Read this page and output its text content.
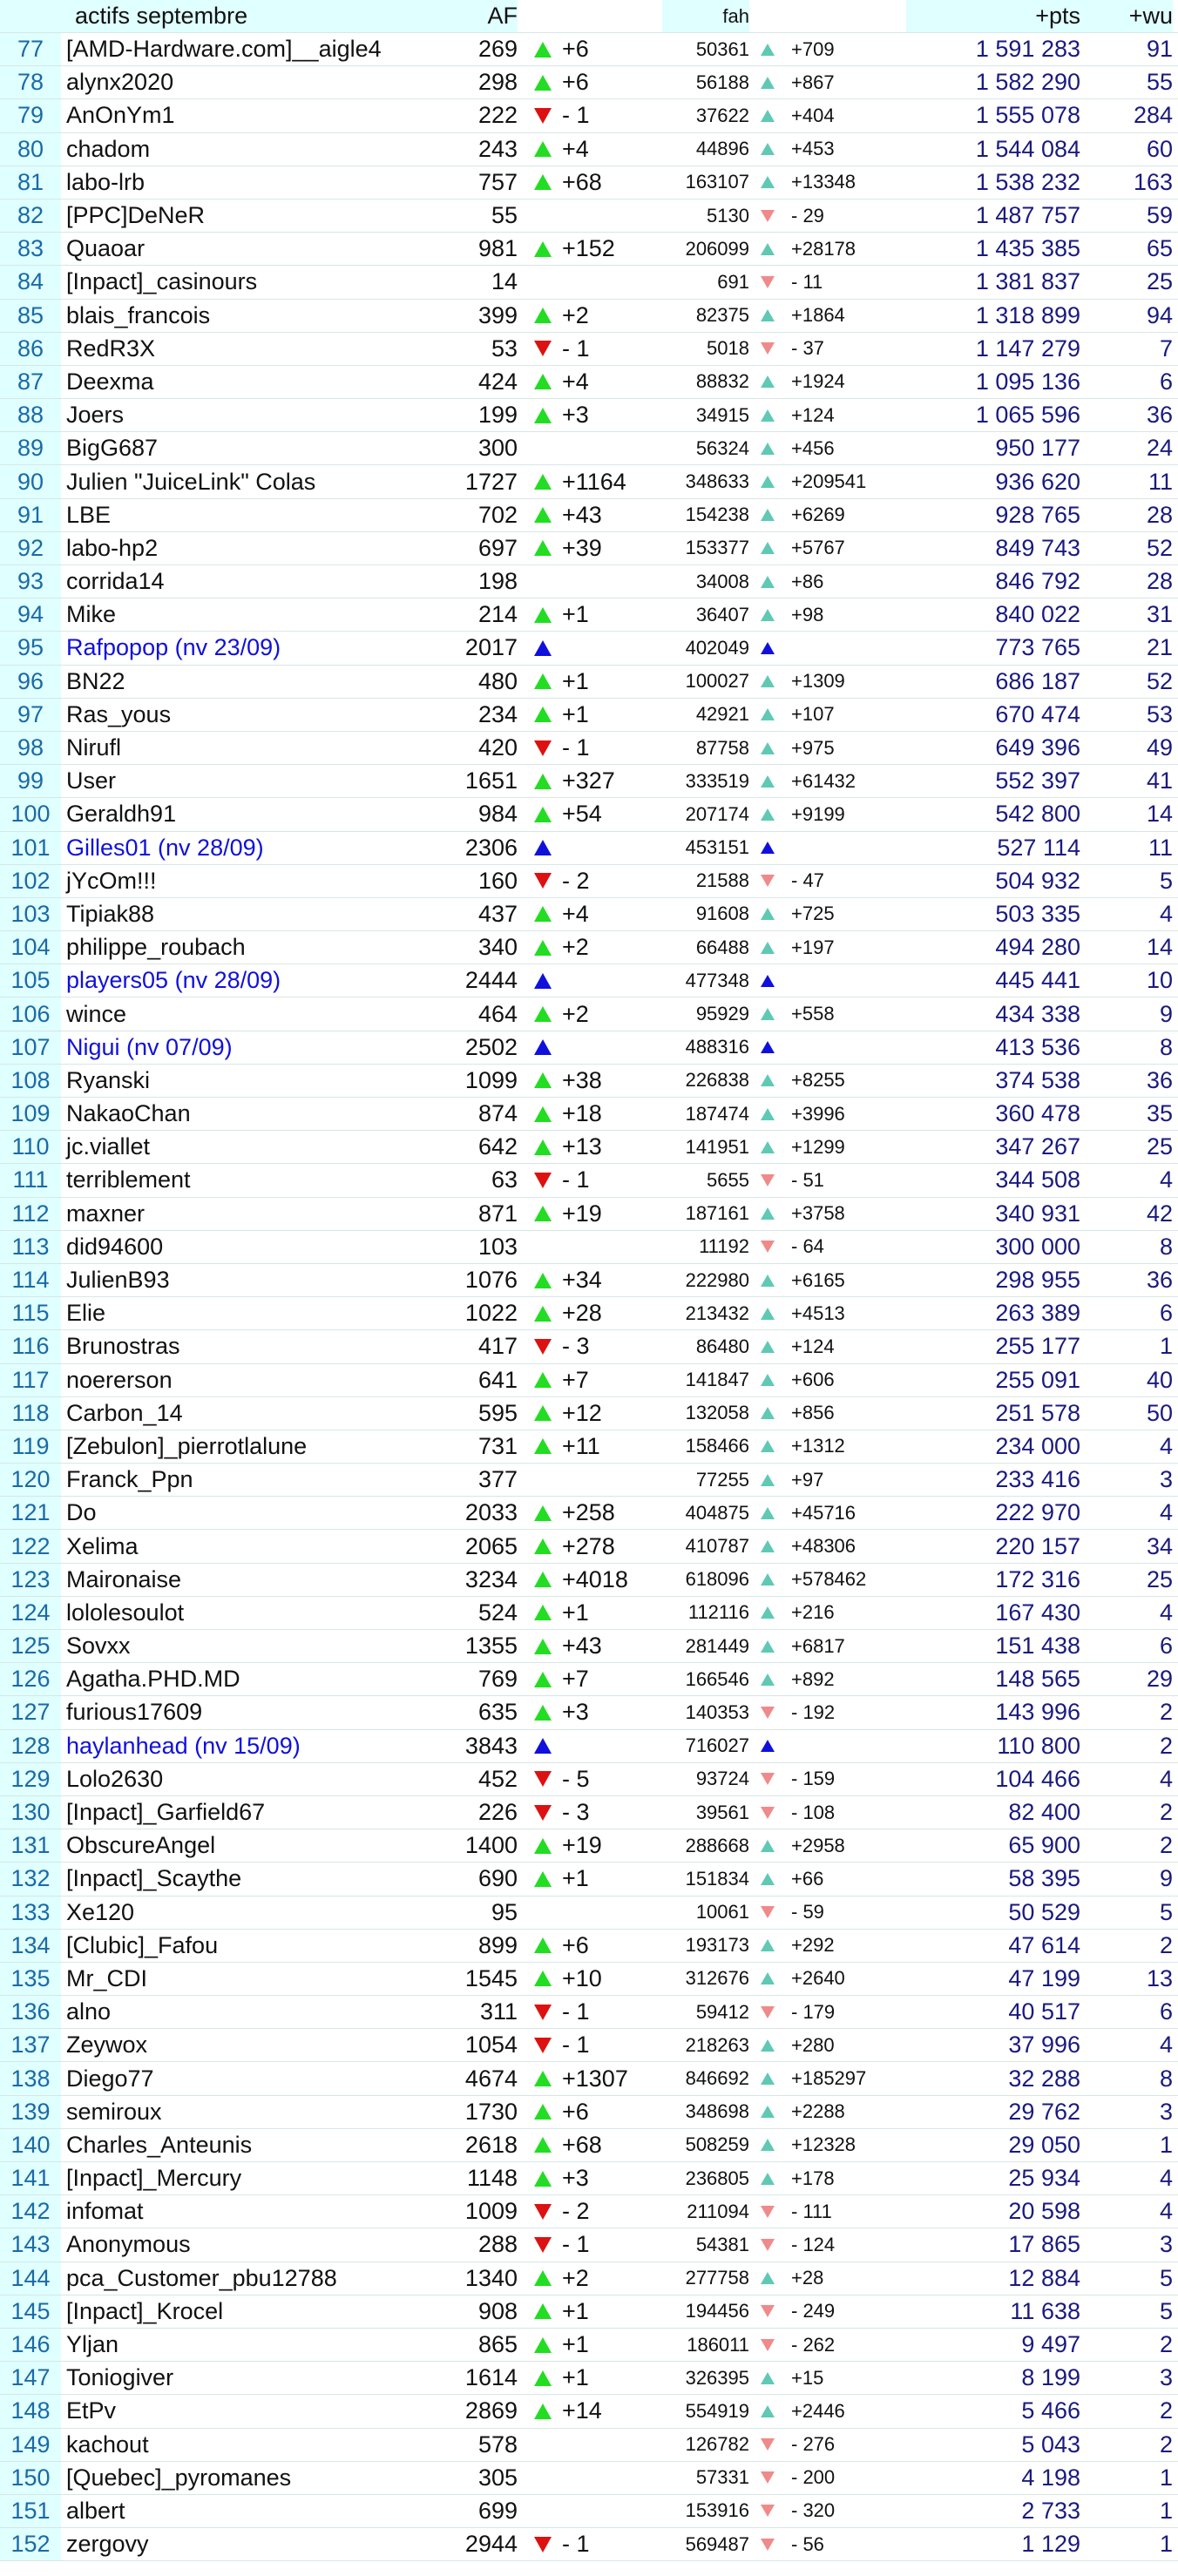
actifs septembre	AF	fah	+pts	+wu
77 [AMD-Hardware.com]__aigle4	269 +6	50361 +709	1 591 283	91
78 alynx2020	298 +6	56188 +867	1 582 290	55
79 AnOnYm1	222 - 1	37622 +404	1 555 078	284
80 chadom	243 +4	44896 +453	1 544 084	60
81 labo-lrb	757 +68	163107 +13348	1 538 232	163
82 [PPC]DeNeR	55	5130 - 29	1 487 757	59
83 Quaoar	981 +152	206099 +28178	1 435 385	65
84 [Inpact]_casinours	14	691 - 11	1 381 837	25
85 blais_francois	399 +2	82375 +1864	1 318 899	94
86 RedR3X	53 - 1	5018 - 37	1 147 279	7
87 Deexma	424 +4	88832 +1924	1 095 136	6
88 Joers	199 +3	34915 +124	1 065 596	36
89 BigG687	300	56324 +456	950 177	24
90 Julien "JuiceLink" Colas	1727 +1164	348633 +209541	936 620	11
91 LBE	702 +43	154238 +6269	928 765	28
92 labo-hp2	697 +39	153377 +5767	849 743	52
93 corrida14	198	34008 +86	846 792	28
94 Mike	214 +1	36407 +98	840 022	31
95 Rafpopop (nv 23/09)	2017	402049	773 765	21
96 BN22	480 +1	100027 +1309	686 187	52
97 Ras_yous	234 +1	42921 +107	670 474	53
98 Nirufl	420 - 1	87758 +975	649 396	49
99 User	1651 +327	333519 +61432	552 397	41
100 Geraldh91	984 +54	207174 +9199	542 800	14
101 Gilles01 (nv 28/09)	2306	453151	527 114	11
102 jYcOm!!!	160 - 2	21588 - 47	504 932	5
103 Tipiak88	437 +4	91608 +725	503 335	4
104 philippe_roubach	340 +2	66488 +197	494 280	14
105 players05 (nv 28/09)	2444	477348	445 441	10
106 wince	464 +2	95929 +558	434 338	9
107 Nigui (nv 07/09)	2502	488316	413 536	8
108 Ryanski	1099 +38	226838 +8255	374 538	36
109 NakaoChan	874 +18	187474 +3996	360 478	35
110 jc.viallet	642 +13	141951 +1299	347 267	25
111 terriblement	63 - 1	5655 - 51	344 508	4
112 maxner	871 +19	187161 +3758	340 931	42
113 did94600	103	11192 - 64	300 000	8
114 JulienB93	1076 +34	222980 +6165	298 955	36
115 Elie	1022 +28	213432 +4513	263 389	6
116 Brunostras	417 - 3	86480 +124	255 177	1
117 noererson	641 +7	141847 +606	255 091	40
118 Carbon_14	595 +12	132058 +856	251 578	50
119 [Zebulon]_pierrotlalune	731 +11	158466 +1312	234 000	4
120 Franck_Ppn	377	77255 +97	233 416	3
121 Do	2033 +258	404875 +45716	222 970	4
122 Xelima	2065 +278	410787 +48306	220 157	34
123 Maironaise	3234 +4018	618096 +578462	172 316	25
124 lololesoulot	524 +1	112116 +216	167 430	4
125 Sovxx	1355 +43	281449 +6817	151 438	6
126 Agatha.PHD.MD	769 +7	166546 +892	148 565	29
127 furious17609	635 +3	140353 - 192	143 996	2
128 haylanhead (nv 15/09)	3843	716027	110 800	2
129 Lolo2630	452 - 5	93724 - 159	104 466	4
130 [Inpact]_Garfield67	226 - 3	39561 - 108	82 400	2
131 ObscureAngel	1400 +19	288668 +2958	65 900	2
132 [Inpact]_Scaythe	690 +1	151834 +66	58 395	9
133 Xe120	95	10061 - 59	50 529	5
134 [Clubic]_Fafou	899 +6	193173 +292	47 614	2
135 Mr_CDI	1545 +10	312676 +2640	47 199	13
136 alno	311 - 1	59412 - 179	40 517	6
137 Zeywox	1054 - 1	218263 +280	37 996	4
138 Diego77	4674 +1307	846692 +185297	32 288	8
139 semiroux	1730 +6	348698 +2288	29 762	3
140 Charles_Anteunis	2618 +68	508259 +12328	29 050	1
141 [Inpact]_Mercury	1148 +3	236805 +178	25 934	4
142 infomat	1009 - 2	211094 - 111	20 598	4
143 Anonymous	288 - 1	54381 - 124	17 865	3
144 pca_Customer_pbu12788	1340 +2	277758 +28	12 884	5
145 [Inpact]_Krocel	908 +1	194456 - 249	11 638	5
146 Yljan	865 +1	186011 - 262	9 497	2
147 Toniogiver	1614 +1	326395 +15	8 199	3
148 EtPv	2869 +14	554919 +2446	5 466	2
149 kachout	578	126782 - 276	5 043	2
150 [Quebec]_pyromanes	305	57331 - 200	4 198	1
151 albert	699	153916 - 320	2 733	1
152 zergovy	2944 - 1	569487 - 56	1 129	1
